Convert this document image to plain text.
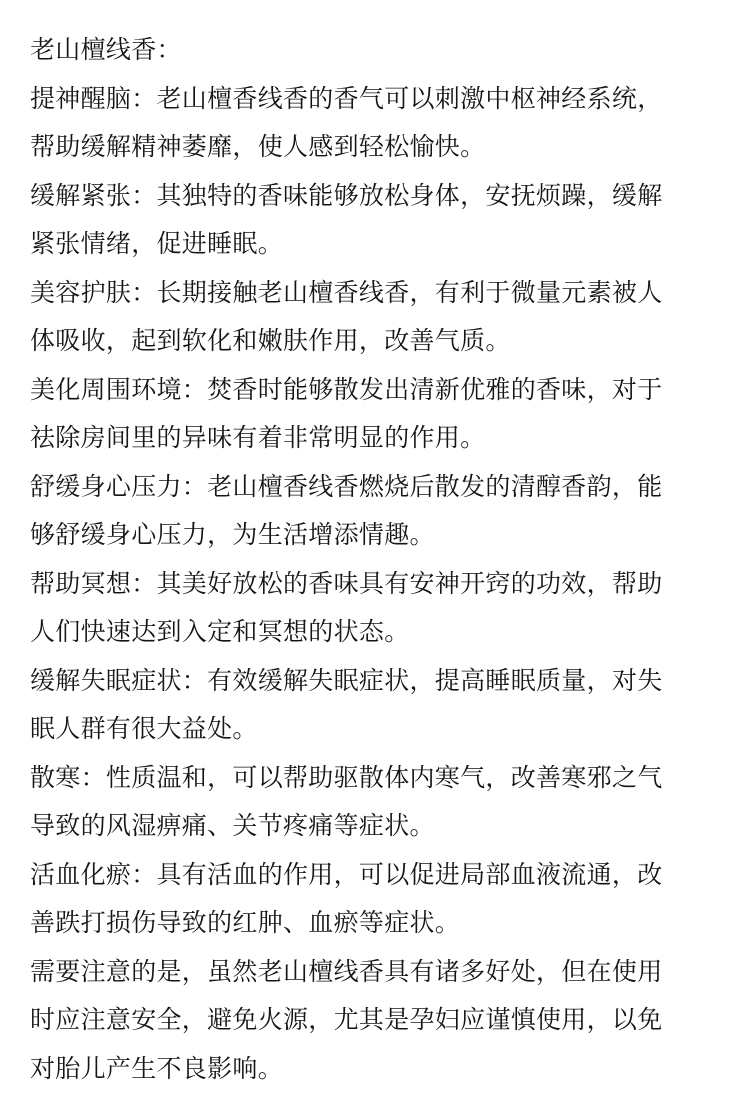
老山檀线香：
提神醒脑：老山檀香线香的香气可以刺激中枢神经系统，
帮助缓解精神萎靡，使人感到轻松愉快。
缓解紧张：其独特的香味能够放松身体，安抚烦躁，缓解
紧张情绪，促进睡眠。
美容护肤：长期接触老山檀香线香，有利于微量元素被人
体吸收，起到软化和嫩肤作用，改善气质。
美化周围环境：焚香时能够散发出清新优雅的香味，对于
祛除房间里的异味有着非常明显的作用。
舒缓身心压力：老山檀香线香燃烧后散发的清醇香韵，能
够舒缓身心压力，为生活增添情趣。
帮助冥想：其美好放松的香味具有安神开窍的功效，帮助
人们快速达到入定和冥想的状态。
缓解失眠症状：有效缓解失眠症状，提高睡眠质量，对失
眠人群有很大益处。
散寒：性质温和，可以帮助驱散体内寒气，改善寒邪之气
导致的风湿痹痛、关节疼痛等症状。
活血化瘀：具有活血的作用，可以促进局部血液流通，改
善跌打损伤导致的红肿、血瘀等症状。
需要注意的是，虽然老山檀线香具有诸多好处，但在使用
时应注意安全，避免火源，尤其是孕妇应谨慎使用，以免
对胎儿产生不良影响。
